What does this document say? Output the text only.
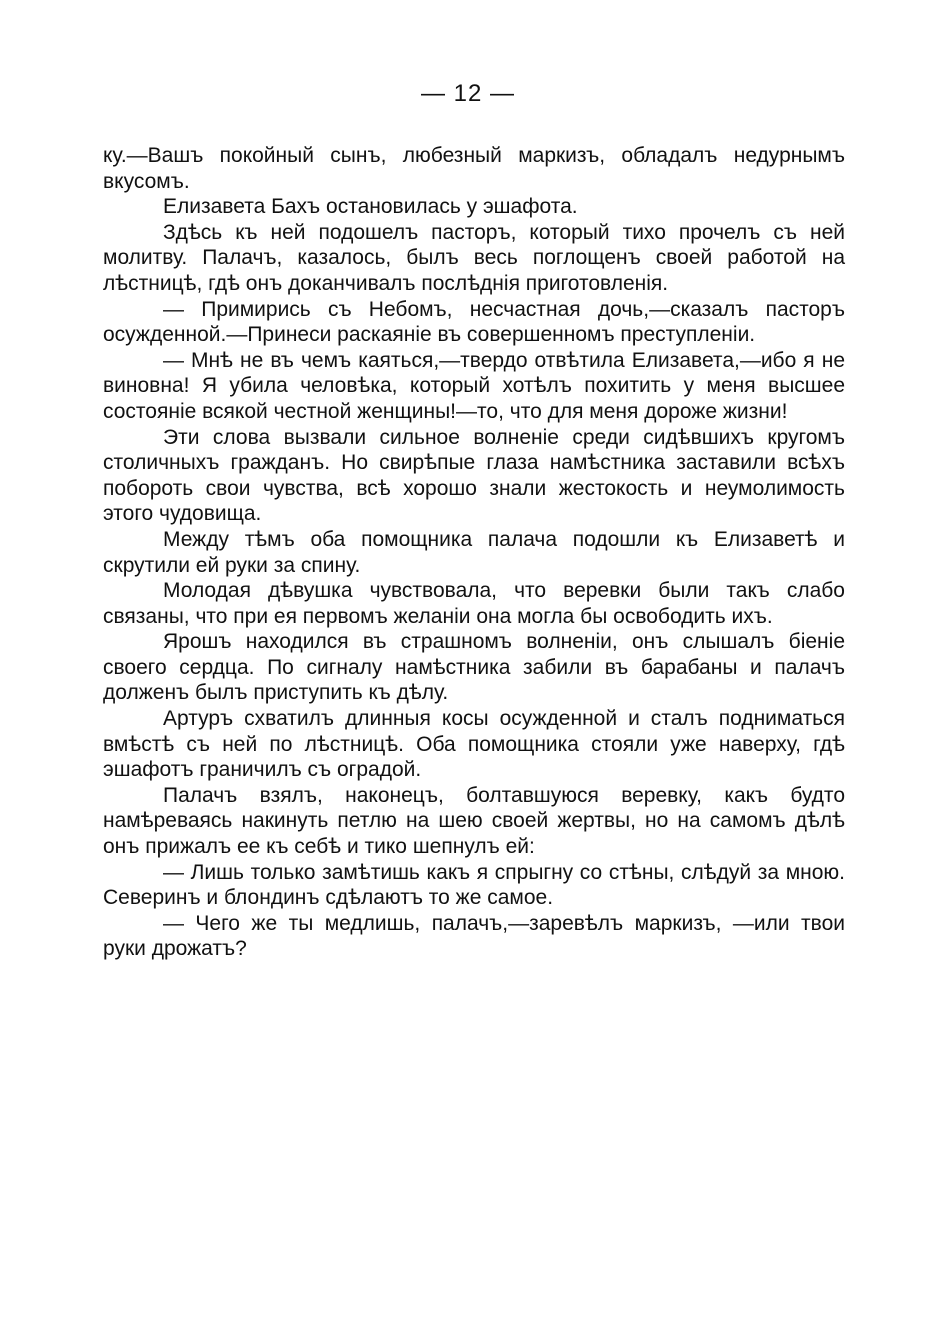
— 12 —

ку.—Вашъ покойный сынъ, любезный маркизъ, обладалъ недурнымъ вкусомъ.

Елизавета Бахъ остановилась у эшафота.

Здѣсь къ ней подошелъ пасторъ, который тихо прочелъ съ ней молитву. Палачъ, казалось, былъ весь поглощенъ своей работой на лѣстницѣ, гдѣ онъ доканчивалъ послѣднія приготовленія.

— Примирись съ Небомъ, несчастная дочь,—сказалъ пасторъ осужденной.—Принеси раскаяніе въ совершенномъ преступленіи.

— Мнѣ не въ чемъ каяться,—твердо отвѣтила Елизавета,—ибо я не виновна! Я убила человѣка, который хотѣлъ похитить у меня высшее состояніе всякой честной женщины!—то, что для меня дороже жизни!

Эти слова вызвали сильное волненіе среди сидѣвшихъ кругомъ столичныхъ гражданъ. Но свирѣпые глаза намѣстника заставили всѣхъ побороть свои чувства, всѣ хорошо знали жестокость и неумолимость этого чудовища.

Между тѣмъ оба помощника палача подошли къ Елизаветѣ и скрутили ей руки за спину.

Молодая дѣвушка чувствовала, что веревки были такъ слабо связаны, что при ея первомъ желаніи она могла бы освободить ихъ.

Ярошъ находился въ страшномъ волненіи, онъ слышалъ біеніе своего сердца. По сигналу намѣстника забили въ барабаны и палачъ долженъ былъ приступить къ дѣлу.

Артуръ схватилъ длинныя косы осужденной и сталъ подниматься вмѣстѣ съ ней по лѣстницѣ. Оба помощника стояли уже наверху, гдѣ эшафотъ граничилъ съ оградой.

Палачъ взялъ, наконецъ, болтавшуюся веревку, какъ будто намѣреваясь накинуть петлю на шею своей жертвы, но на самомъ дѣлѣ онъ прижалъ ее къ себѣ и тико шепнулъ ей:

— Лишь только замѣтишь какъ я спрыгну со стѣны, слѣдуй за мною. Северинъ и блондинъ сдѣлаютъ то же самое.

— Чего же ты медлишь, палачъ,—заревѣлъ маркизъ, —или твои руки дрожатъ?
